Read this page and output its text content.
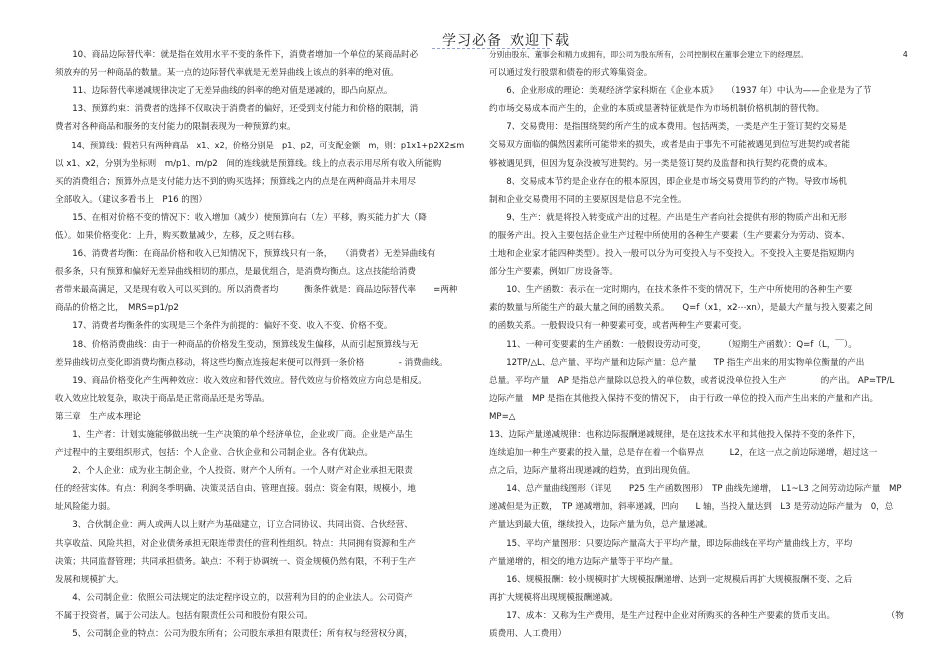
学习必备 欢迎下载
　　10、商品边际替代率：就是指在效用水平不变的条件下，消费者增加一个单位的某商品时必
须放弃的另一种商品的数量。某一点的边际替代率就是无差异曲线上该点的斜率的绝对值。
　　11、边际替代率递减规律决定了无差异曲线的斜率的绝对值是递减的，即凸向原点。
　　13、预算约束：消费者的选择不仅取决于消费者的偏好，还受到支付能力和价格的限制，消
费者对各种商品和服务的支付能力的限制表现为一种预算约束。
　　14、预算线：假若只有两种商品　x1、x2，价格分别是　p1、p2，可支配金额　m，则：p1x1+p2X2≤m
以 x1、x2，分别为坐标则　m/p1、m/p2　间的连线就是预算线。线上的点表示用尽所有收入所能购
买的消费组合；预算外点是支付能力达不到的购买选择；预算线之内的点是在两种商品并未用尽
全部收入。（建议多看书上　P16 的图）
　　15、在相对价格不变的情况下：收入增加（减少）使预算向右（左）平移，购买能力扩大（降
低）。如果价格变化：上升，购买数量减少，左移，反之则右移。
　　16、消费者均衡：在商品价格和收入已知情况下，预算线只有一条，　　（消费者）无差异曲线有
很多条，只有预算和偏好无差异曲线相切的那点，是最优组合，是消费均衡点。这点技能给消费
者带来最高满足，又是现有收入可以买到的。所以消费者均　　　衡条件就是：商品边际替代率　　=两种
商品的价格之比，　MRS=p1/p2
　　17、消费者均衡条件的实现是三个条件为前提的：偏好不变、收入不变、价格不变。
　　18、价格消费曲线：由于一种商品的价格发生变动，预算线发生偏移，从而引起预算线与无
差异曲线切点变化即消费均衡点移动，将这些均衡点连接起来便可以得到一条价格　　　　- 消费曲线。
　　19、商品价格变化产生两种效应：收入效应和替代效应。替代效应与价格效应方向总是相反。
收入效应比较复杂，取决于商品是正常商品还是劣等品。
第三章　生产成本理论
　　1、生产者：计划实施能够做出统一生产决策的单个经济单位，企业或厂商。企业是产品生
产过程中的主要组织形式，包括：个人企业、合伙企业和公司制企业。各有优缺点。
　　2、个人企业：成为业主制企业，个人投资、财产个人所有。一个人财产对企业承担无限责
任的经营实体。有点：利润冬季明确、决策灵活自由、管理直接。弱点：资金有限，规模小，地
址风险能力弱。
　　3、合伙制企业：两人或两人以上财产为基础建立，订立合同协议、共同出资、合伙经营、
共享收益、风险共担，对企业债务承担无限连带责任的营利性组织。特点：共同拥有资源和生产
决策；共同监督管理；共同承担债务。缺点：不利于协调统一、资金规模仍然有限，不利于生产
发展和规模扩大。
　　4、公司制企业：依照公司法规定的法定程序设立的，以营利为目的的企业法人。公司资产
不属于投资者，属于公司法人。包括有限责任公司和股份有限公司。
　　5、公司制企业的特点：公司为股东所有；公司股东承担有限责任；所有权与经营权分离，
分别由股东、董事会和精力成拥有，即公司为股东所有，公司控制权在董事会建立下的经理层。　　　　　　　　　　　　　4
可以通过发行股票和债卷的形式筹集资金。
　　6、企业形成的理论：美观经济学家科斯在《企业本质》　　（1937 年）中认为——企业是为了节
约市场交易成本而产生的，企业的本质或显著特征就是作为市场机制价格机制的替代物。
　　7、交易费用：是指围绕契约所产生的成本费用。包括两类，一类是产生于签订契约交易是
交易双方面临的偶然因素所可能带来的损失，或者是由于事先不可能被遇见到位写进契约或者能
够被遇见到，但因为复杂没被写进契约。另一类是签订契约及监督和执行契约花费的成本。
　　8、交易成本节约是企业存在的根本原因，即企业是市场交易费用节约的产物。导致市场机
制和企业交易费用不同的主要原因是信息不完全性。
　　9、生产：就是将投入转变成产出的过程。产出是生产者向社会提供有形的物质产出和无形
的服务产出。投入主要包括企业生产过程中所使用的各种生产要素（生产要素分为劳动、资本、
土地和企业家才能四种类型）。投入一般可以分为可变投入与不变投入。不变投入主要是指短期内
部分生产要素，例如厂房设备等。
　　10、生产函数：表示在一定时期内，在技术条件不变的情况下，生产中所使用的各种生产要
素的数量与所能生产的最大量之间的函数关系。　　Q=f（x1，x2⋯xn），是最大产量与投入要素之间
的函数关系。一般假设只有一种要素可变，或者两种生产要素可变。
　　11、一种可变要素的生产函数：一般假设劳动可变，　　　（短期生产函数）：Q=f（L，￣）。
　　12TP/△L、总产量、平均产量和边际产量：总产量　　TP 指生产出来的用实物单位衡量的产出
总量。平均产量　AP 是指总产量除以总投入的单位数，或者说没单位投入生产　　　　的产出。 AP=TP/L
边际产量　MP 是指在其他投入保持不变的情况下，　由于行政一单位的投入而产生出来的产量和产出。
MP=△
13、边际产量递减规律：也称边际报酬递减规律，是在这技术水平和其他投入保持不变的条件下，
连续追加一种生产要素的投入量，总是存在着一个临界点　　　L2，在这一点之前边际递增，超过这一
点之后，边际产量将出现递减的趋势，直到出现负值。
　　14、总产量曲线图形（详见　　P25 生产函数图形）　TP 曲线先递增，　L1~L3 之间劳动边际产量　MP
递减但是为正数，　TP 递减增加，斜率递减，凹向　　L 轴，当投入量达到　L3 是劳动边际产量为　0，总
产量达到最大值，继续投入，边际产量为负，总产量递减。
　　15、平均产量图形：只要边际产量高大于平均产量，即边际曲线在平均产量曲线上方，平均
产量递增的，相交的地方边际产量等于平均产量。
　　16、规模报酬：较小规模时扩大规模报酬递增、达到一定规模后再扩大规模报酬不变、之后
再扩大规模将出现规模报酬递减。
　　17、成本：又称为生产费用，是生产过程中企业对所购买的各种生产要素的货币支出。　　　　　　　（物
质费用、人工费用）
